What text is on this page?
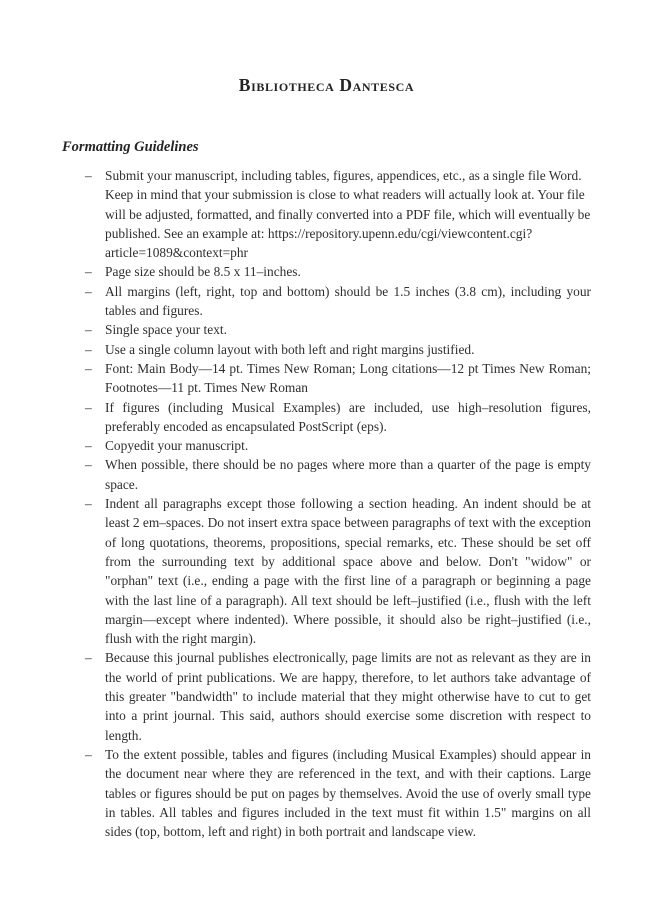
Bibliotheca Dantesca
Formatting Guidelines
– Submit your manuscript, including tables, figures, appendices, etc., as a single file Word. Keep in mind that your submission is close to what readers will actually look at. Your file will be adjusted, formatted, and finally converted into a PDF file, which will eventually be published. See an example at: https://repository.upenn.edu/cgi/viewcontent.cgi?article=1089&context=phr
– Page size should be 8.5 x 11–inches.
– All margins (left, right, top and bottom) should be 1.5 inches (3.8 cm), including your tables and figures.
– Single space your text.
– Use a single column layout with both left and right margins justified.
– Font: Main Body—14 pt. Times New Roman; Long citations—12 pt Times New Roman; Footnotes—11 pt. Times New Roman
– If figures (including Musical Examples) are included, use high–resolution figures, preferably encoded as encapsulated PostScript (eps).
– Copyedit your manuscript.
– When possible, there should be no pages where more than a quarter of the page is empty space.
– Indent all paragraphs except those following a section heading. An indent should be at least 2 em–spaces. Do not insert extra space between paragraphs of text with the exception of long quotations, theorems, propositions, special remarks, etc. These should be set off from the surrounding text by additional space above and below. Don't "widow" or "orphan" text (i.e., ending a page with the first line of a paragraph or beginning a page with the last line of a paragraph). All text should be left–justified (i.e., flush with the left margin—except where indented). Where possible, it should also be right–justified (i.e., flush with the right margin).
– Because this journal publishes electronically, page limits are not as relevant as they are in the world of print publications. We are happy, therefore, to let authors take advantage of this greater "bandwidth" to include material that they might otherwise have to cut to get into a print journal. This said, authors should exercise some discretion with respect to length.
– To the extent possible, tables and figures (including Musical Examples) should appear in the document near where they are referenced in the text, and with their captions. Large tables or figures should be put on pages by themselves. Avoid the use of overly small type in tables. All tables and figures included in the text must fit within 1.5" margins on all sides (top, bottom, left and right) in both portrait and landscape view.
